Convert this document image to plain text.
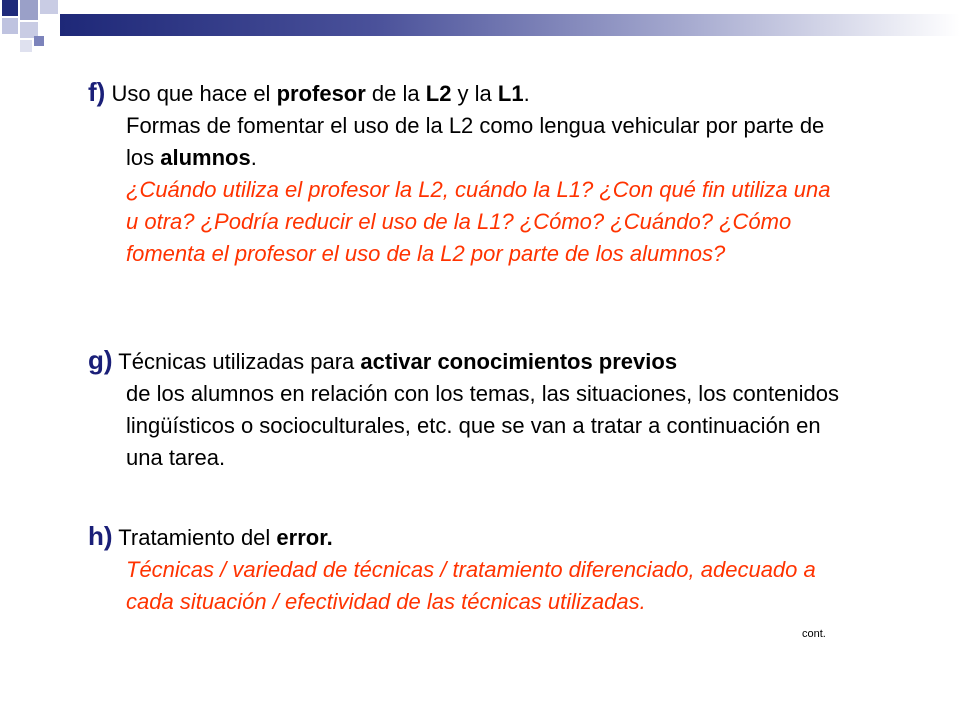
f) Uso que hace el profesor de la L2 y la L1.
Formas de fomentar el uso de la L2 como lengua vehicular por parte de los alumnos.
¿Cuándo utiliza el profesor la L2, cuándo la L1? ¿Con qué fin utiliza una u otra? ¿Podría reducir el uso de la L1? ¿Cómo? ¿Cuándo? ¿Cómo fomenta el profesor el uso de la L2 por parte de los alumnos?
g) Técnicas utilizadas para activar conocimientos previos
de los alumnos en relación con los temas, las situaciones, los contenidos lingüísticos o socioculturales, etc. que se van a tratar a continuación en una tarea.
h) Tratamiento del error.
Técnicas / variedad de técnicas / tratamiento diferenciado, adecuado a cada situación / efectividad de las técnicas utilizadas.
cont.
